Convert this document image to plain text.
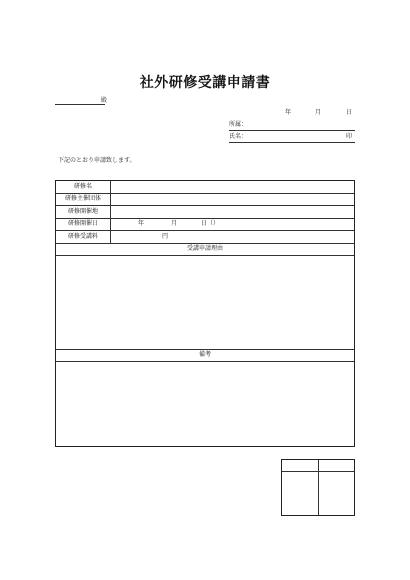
社外研修受講申請書
殿
年	月	日
所属：
氏名：	印
下記のとおり申請致します。
研修名
研修主催団体
研修開催地
研修開催日	年	月	日（）
研修受講料	円
受講申請理由
備考
